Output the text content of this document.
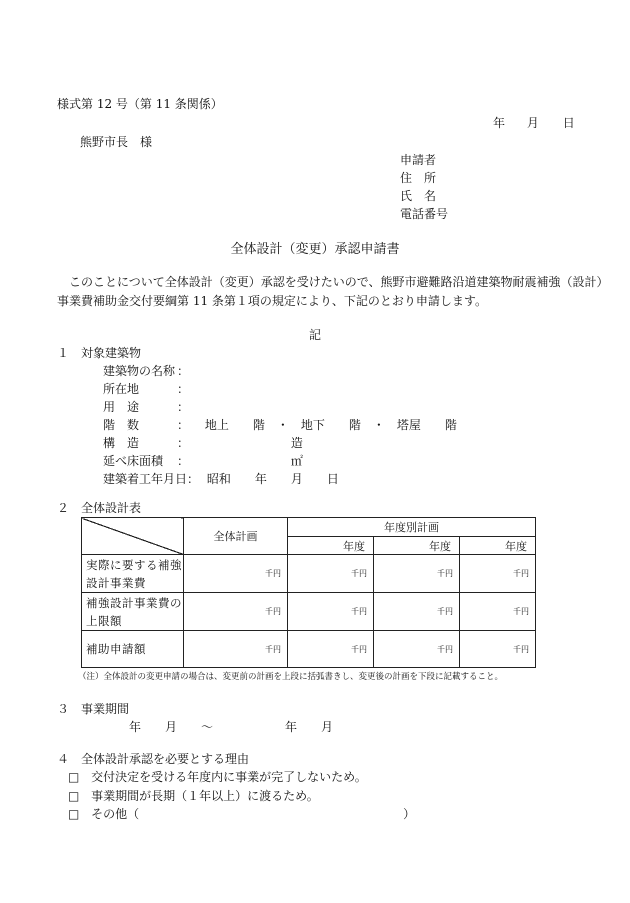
様式第 12 号（第 11 条関係）
年 月 日
熊野市長　様
申請者
住　所
氏　名
電話番号
全体設計（変更）承認申請書
このことについて全体設計（変更）承認を受けたいので、熊野市避難路沿道建築物耐震補強（設計）
事業費補助金交付要綱第 11 条第１項の規定により、下記のとおり申請します。
記
１　対象建築物
建築物の名称 ：
所在地	：
用　途	：
階　数	： 地上　　階　・　地下　　階　・　塔屋　　階
構　造	：	造
延べ床面積 ：	㎡
建築着工年月日： 昭和　　年　　月　　日
２　全体設計表
	全体計画	年度別計画		
		年度	年度	年度
実際に要する補強設計事業費	千円	千円	千円	千円
補強設計事業費の上限額	千円	千円	千円	千円
補助申請額	千円	千円	千円	千円
（注）全体設計の変更申請の場合は、変更前の計画を上段に括弧書きし、変更後の計画を下段に記載すること。
３　事業期間
年　　月　　～　　　　　　年　　月
４　全体設計承認を必要とする理由
□ 交付決定を受ける年度内に事業が完了しないため。
□ 事業期間が長期（１年以上）に渡るため。
□ その他（　　　　　　　　　　　　　　　　　　　　　　）
